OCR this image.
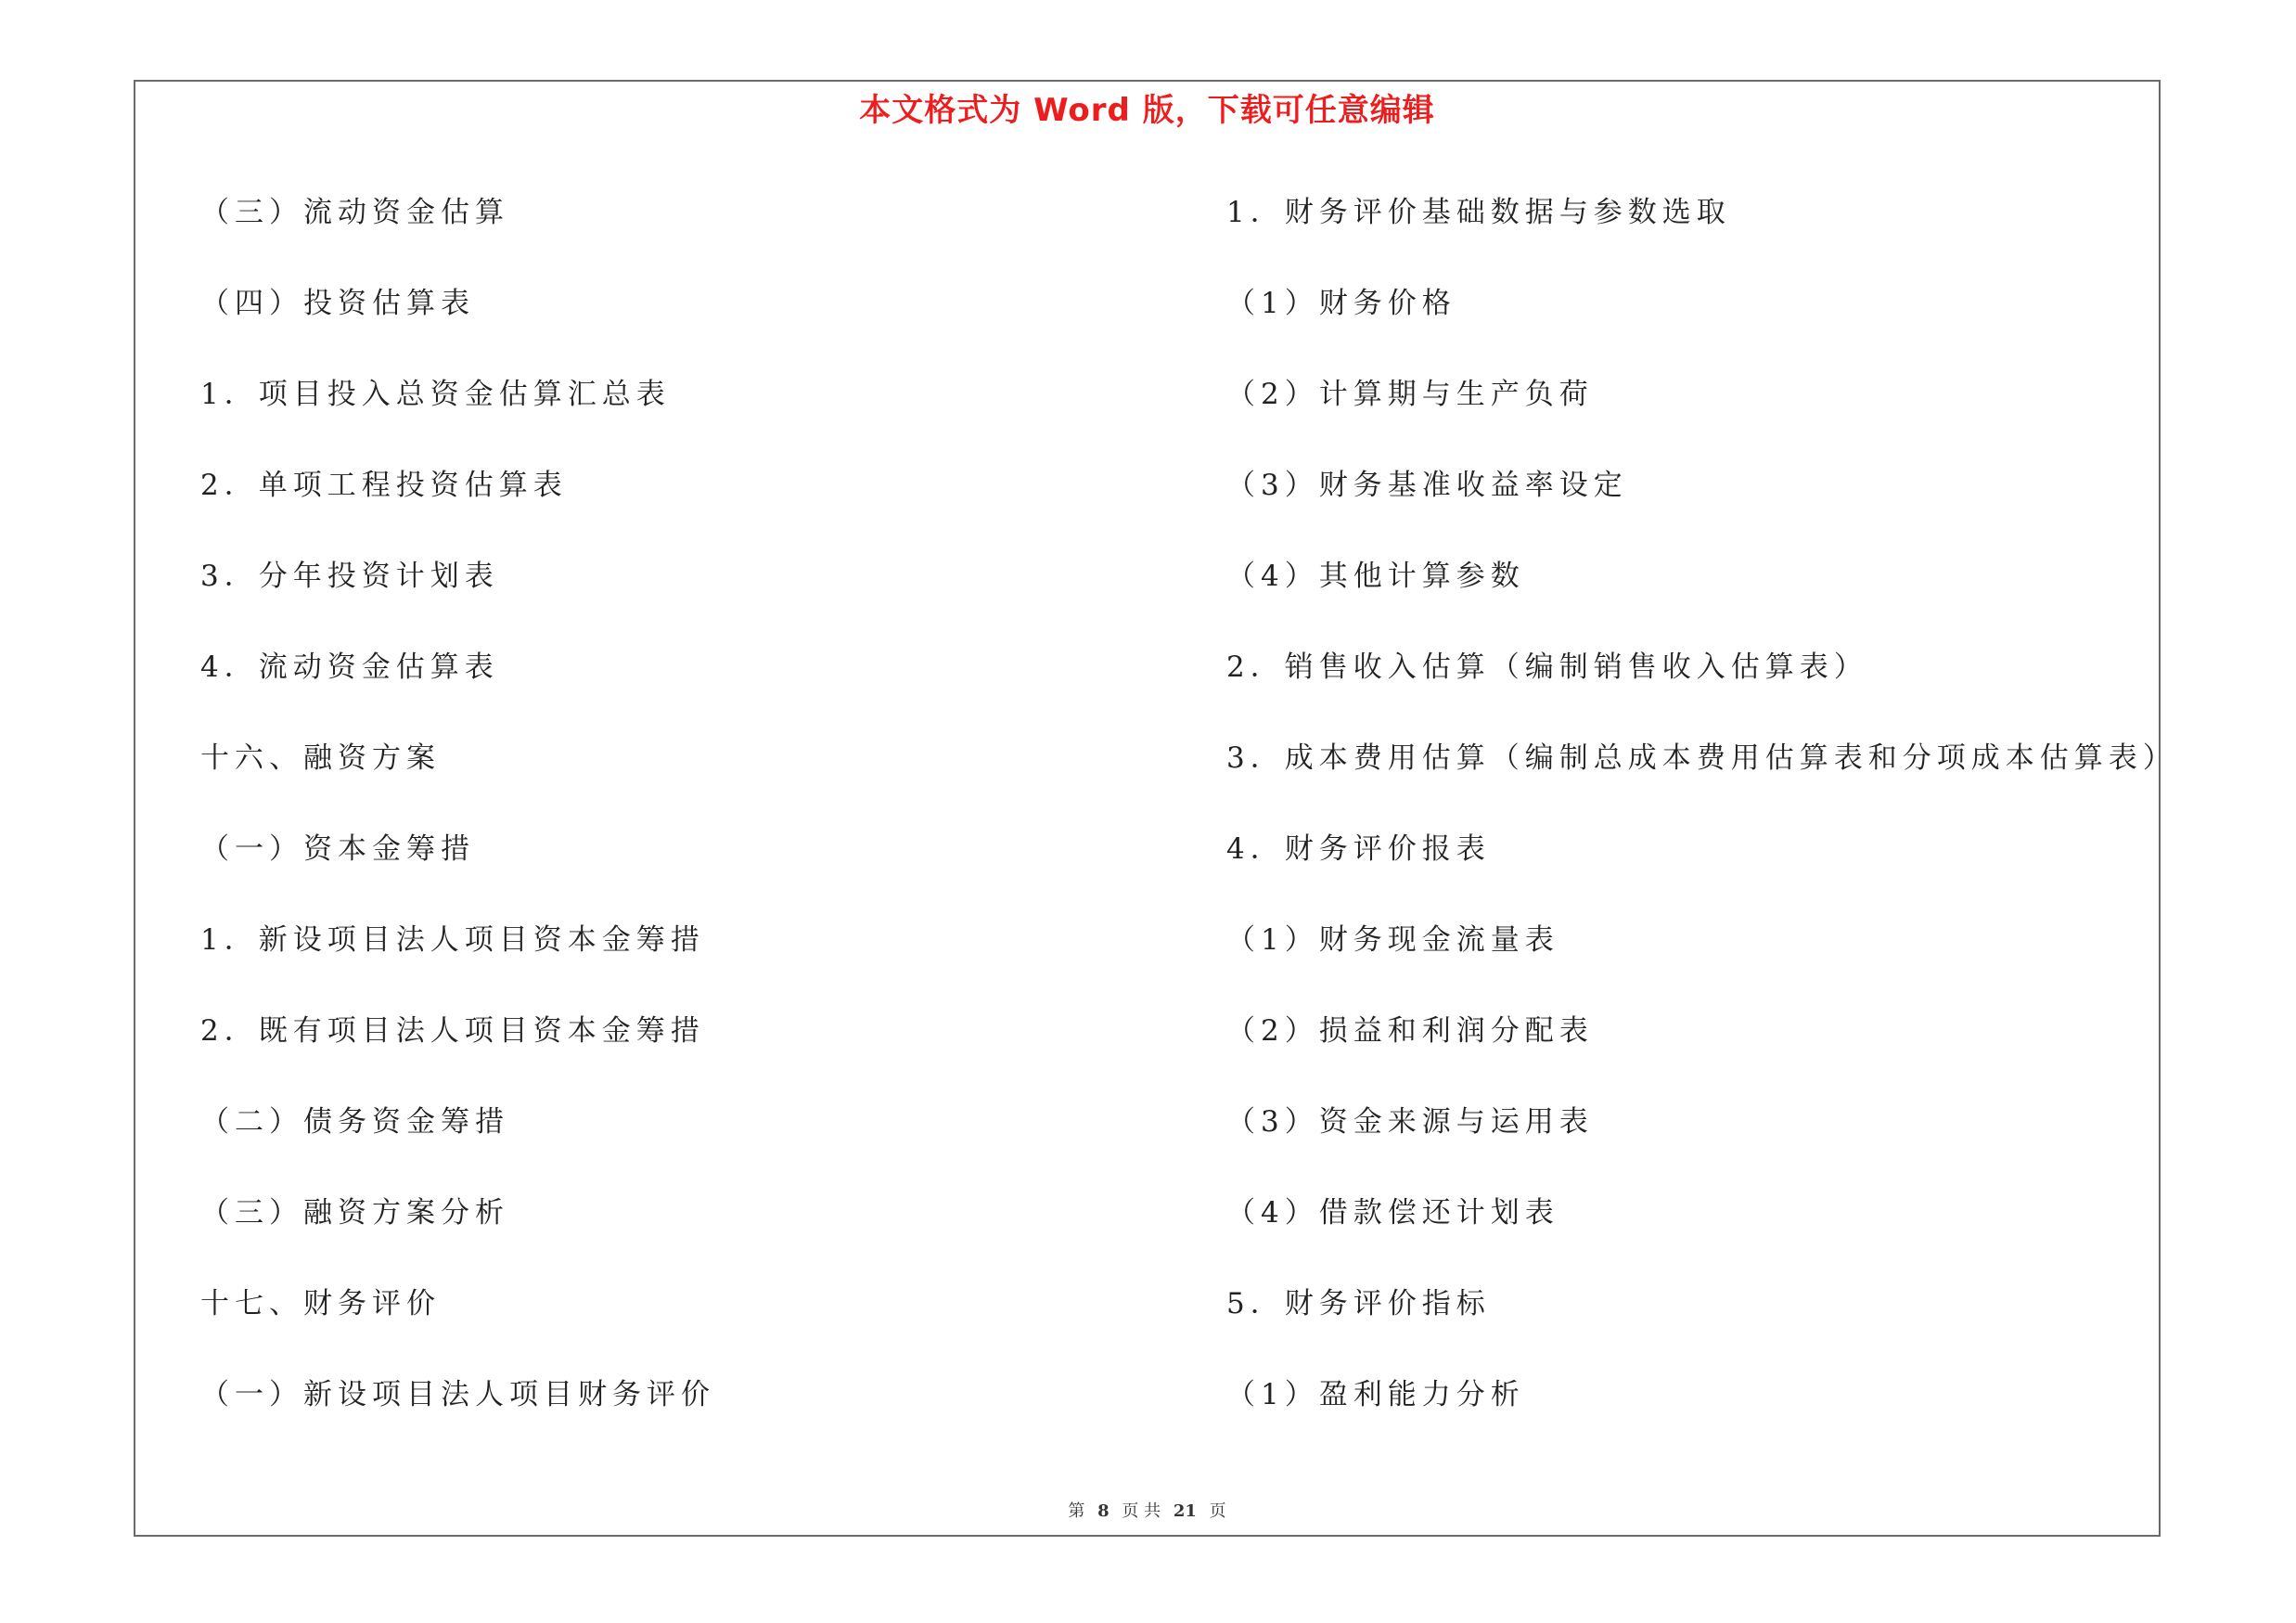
本文格式为 Word 版，下载可任意编辑
（三）流动资金估算
（四）投资估算表
1．项目投入总资金估算汇总表
2．单项工程投资估算表
3．分年投资计划表
4．流动资金估算表
十六、融资方案
（一）资本金筹措
1．新设项目法人项目资本金筹措
2．既有项目法人项目资本金筹措
（二）债务资金筹措
（三）融资方案分析
十七、财务评价
（一）新设项目法人项目财务评价
1．财务评价基础数据与参数选取
（1）财务价格
（2）计算期与生产负荷
（3）财务基准收益率设定
（4）其他计算参数
2．销售收入估算（编制销售收入估算表）
3．成本费用估算（编制总成本费用估算表和分项成本估算表）
4．财务评价报表
（1）财务现金流量表
（2）损益和利润分配表
（3）资金来源与运用表
（4）借款偿还计划表
5．财务评价指标
（1）盈利能力分析
第 8 页 共 21 页
